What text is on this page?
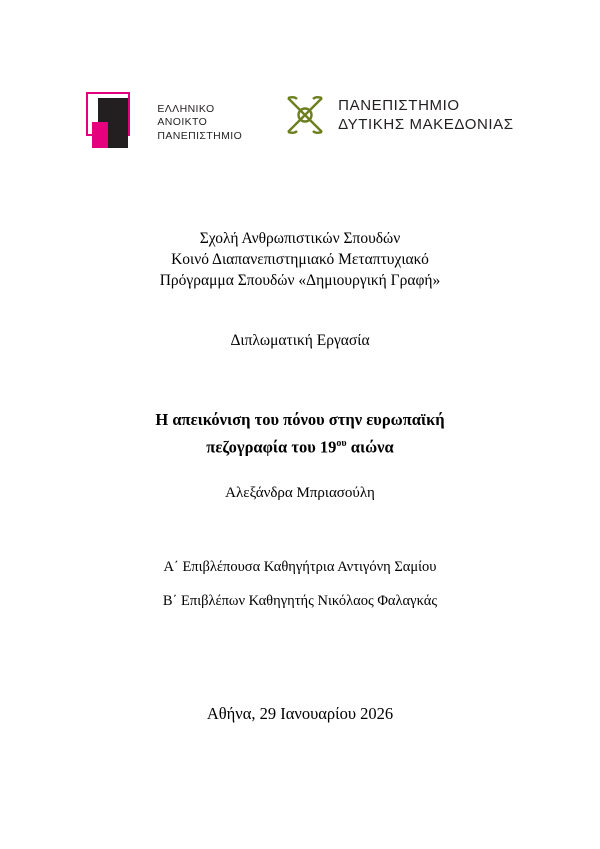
ΕΛΛΗΝΙΚΟ
ΑΝΟΙΚΤΟ
ΠΑΝΕΠΙΣΤΗΜΙΟ
ΠΑΝΕΠΙΣΤΗΜΙΟ
ΔΥΤΙΚΗΣ ΜΑΚΕΔΟΝΙΑΣ
Σχολή Ανθρωπιστικών Σπουδών
Κοινό Διαπανεπιστημιακό Μεταπτυχιακό
Πρόγραμμα Σπουδών «Δημιουργική Γραφή»
Διπλωματική Εργασία
Η απεικόνιση του πόνου στην ευρωπαϊκή
πεζογραφία του $19^{o\upsilon}$ αιώνα
Αλεξάνδρα Μπριασούλη
Α΄ Επιβλέπουσα Καθηγήτρια Αντιγόνη Σαμίου
Β΄ Επιβλέπων Καθηγητής Νικόλαος Φαλαγκάς
Αθήνα, 29 Ιανουαρίου 2026
